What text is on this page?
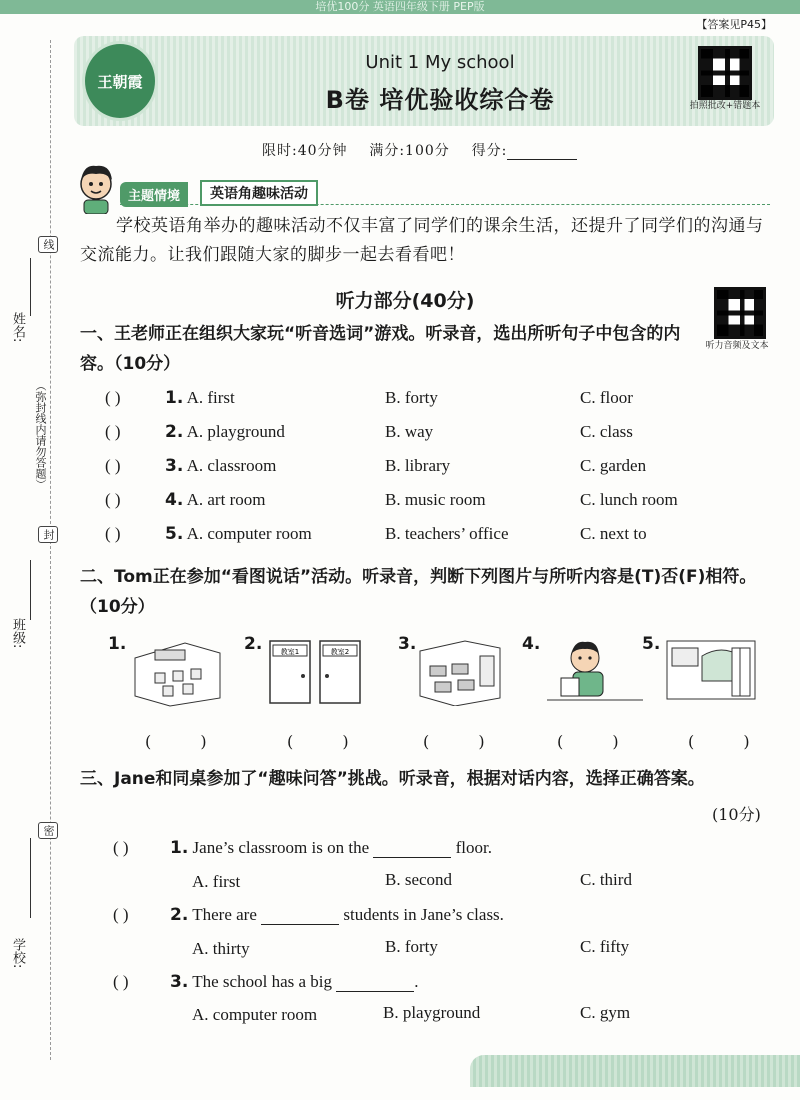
培优100分 英语四年级下册 PEP版
【答案见P45】
王朝霞
Unit 1 My school
B卷 培优验收综合卷	拍照批改+错题本
限时:40分钟 满分:100分 得分:
主题情境	英语角趣味活动
学校英语角举办的趣味活动不仅丰富了同学们的课余生活，还提升了同学们的沟通与交流能力。让我们跟随大家的脚步一起去看看吧！
姓名:
班级:
学校:
（弥封线内请勿答题）
线
封
密
听力部分(40分)
听力音频及文本
一、王老师正在组织大家玩“听音选词”游戏。听录音，选出所听句子中包含的内容。（10分）
( )	1. A. first	B. forty	C. floor
( )	2. A. playground	B. way	C. class
( )	3. A. classroom	B. library	C. garden
( )	4. A. art room	B. music room	C. lunch room
( )	5. A. computer room	B. teachers’ office	C. next to
二、Tom正在参加“看图说话”活动。听录音，判断下列图片与所听内容是(T)否(F)相符。（10分）
1.
( )
2.	教室1	教室2
( )
3.
( )
4.
( )
5.
( )
三、Jane和同桌参加了“趣味问答”挑战。听录音，根据对话内容，选择正确答案。
(10分)
( ) 1. Jane’s classroom is on the	floor.
A. first	B. second	C. third
( ) 2. There are	students in Jane’s class.
A. thirty	B. forty	C. fifty
( ) 3. The school has a big	.
A. computer room	B. playground	C. gym
